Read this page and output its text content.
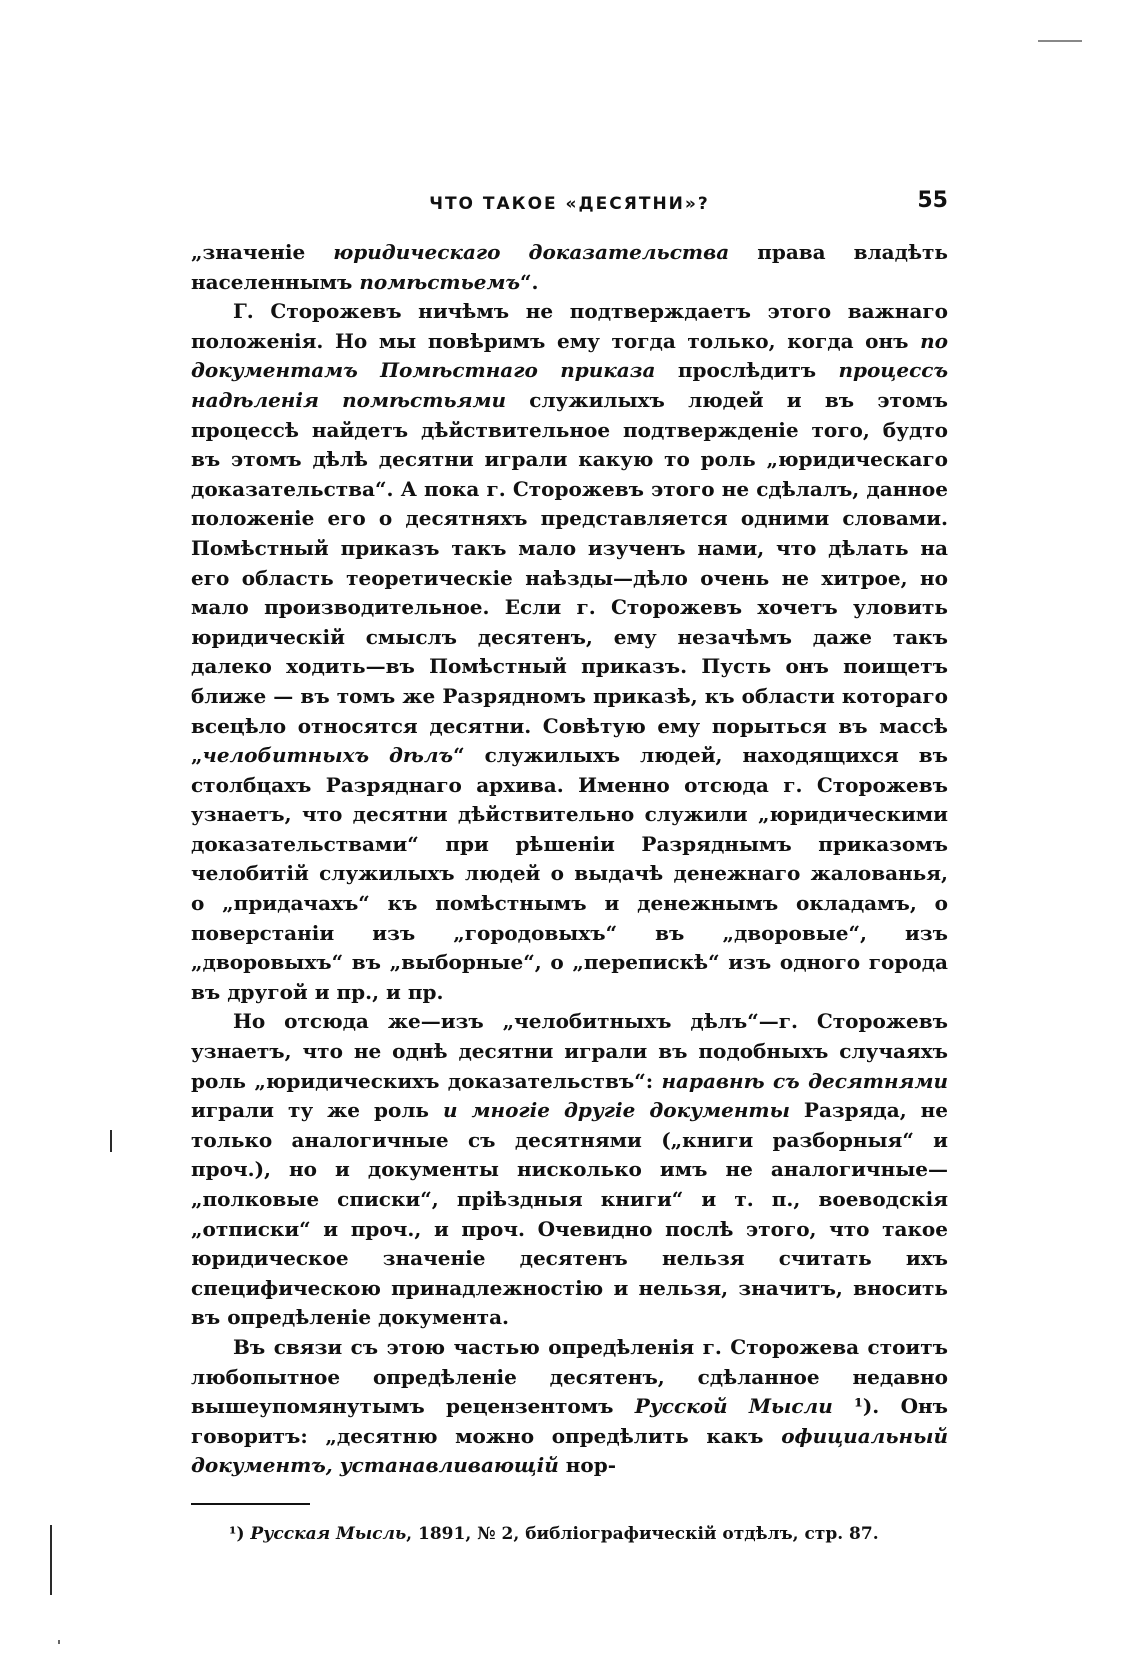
ЧТО ТАКОЕ «ДЕСЯТНИ»?	55

„значеніе юридическаго доказательства права владѣть населеннымъ помѣстьемъ“.

Г. Сторожевъ ничѣмъ не подтверждаетъ этого важнаго положенія. Но мы повѣримъ ему тогда только, когда онъ по документамъ Помѣстнаго приказа прослѣдитъ процессъ надѣленія помѣстьями служилыхъ людей и въ этомъ процессѣ найдетъ дѣйствительное подтвержденіе того, будто въ этомъ дѣлѣ десятни играли какую то роль „юридическаго доказательства“. А пока г. Сторожевъ этого не сдѣлалъ, данное положеніе его о десятняхъ представляется одними словами. Помѣстный приказъ такъ мало изученъ нами, что дѣлать на его область теоретическіе наѣзды—дѣло очень не хитрое, но мало производительное. Если г. Сторожевъ хочетъ уловить юридическій смыслъ десятенъ, ему незачѣмъ даже такъ далеко ходить—въ Помѣстный приказъ. Пусть онъ поищетъ ближе — въ томъ же Разрядномъ приказѣ, къ области котораго всецѣло относятся десятни. Совѣтую ему порыться въ массѣ „челобитныхъ дѣлъ“ служилыхъ людей, находящихся въ столбцахъ Разряднаго архива. Именно отсюда г. Сторожевъ узнаетъ, что десятни дѣйствительно служили „юридическими доказательствами“ при рѣшеніи Разряднымъ приказомъ челобитій служилыхъ людей о выдачѣ денежнаго жалованья, о „придачахъ“ къ помѣстнымъ и денежнымъ окладамъ, о поверстаніи изъ „городовыхъ“ въ „дворовые“, изъ „дворовыхъ“ въ „выборные“, о „перепискѣ“ изъ одного города въ другой и пр., и пр.

Но отсюда же—изъ „челобитныхъ дѣлъ“—г. Сторожевъ узнаетъ, что не однѣ десятни играли въ подобныхъ случаяхъ роль „юридическихъ доказательствъ“: наравнѣ съ десятнями играли ту же роль и многіе другіе документы Разряда, не только аналогичные съ десятнями („книги разборныя“ и проч.), но и документы нисколько имъ не аналогичные—„полковые списки“, пріѣздныя книги“ и т. п., воеводскія „отписки“ и проч., и проч. Очевидно послѣ этого, что такое юридическое значеніе десятенъ нельзя считать ихъ специфическою принадлежностію и нельзя, значитъ, вносить въ опредѣленіе документа.

Въ связи съ этою частью опредѣленія г. Сторожева стоитъ любопытное опредѣленіе десятенъ, сдѣланное недавно вышеупомянутымъ рецензентомъ Русской Мысли ¹). Онъ говоритъ: „десятню можно опредѣлить какъ официальный документъ, устанавливающій нор-

¹) Русская Мысль, 1891, № 2, библіографическій отдѣлъ, стр. 87.
